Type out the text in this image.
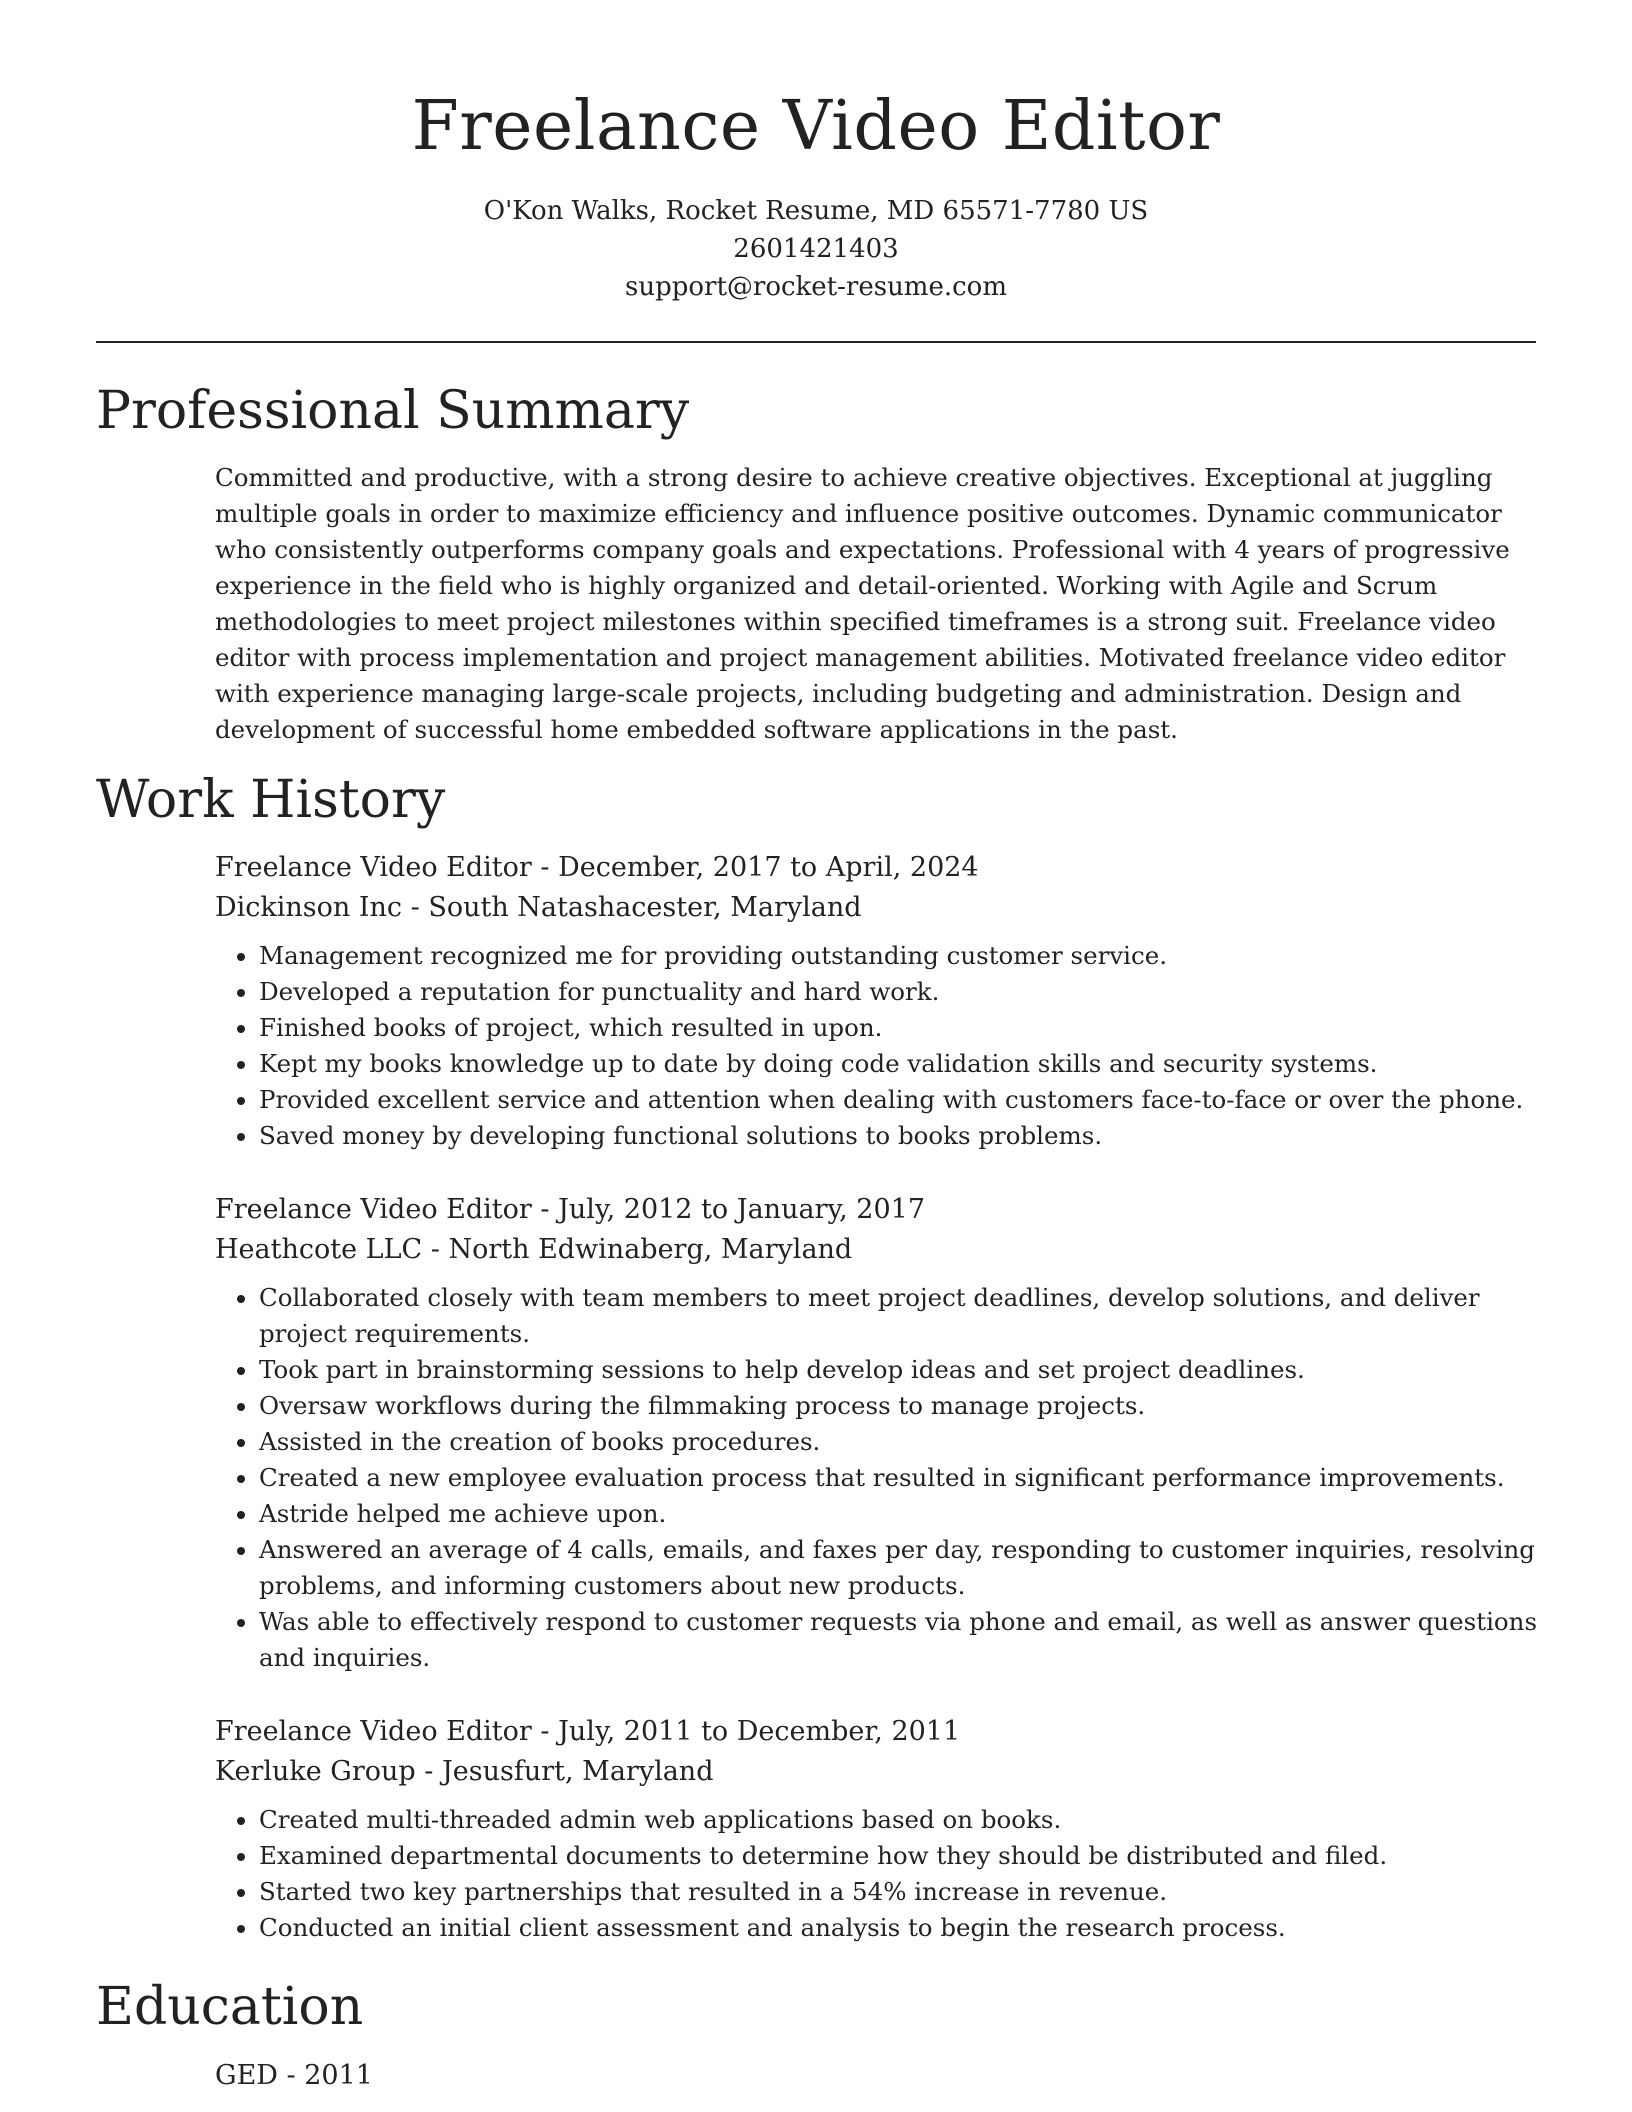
Freelance Video Editor
O'Kon Walks, Rocket Resume, MD 65571-7780 US
2601421403
support@rocket-resume.com
Professional Summary

Committed and productive, with a strong desire to achieve creative objectives. Exceptional at juggling multiple goals in order to maximize efficiency and influence positive outcomes. Dynamic communicator who consistently outperforms company goals and expectations. Professional with 4 years of progressive experience in the field who is highly organized and detail-oriented. Working with Agile and Scrum methodologies to meet project milestones within specified timeframes is a strong suit. Freelance video editor with process implementation and project management abilities. Motivated freelance video editor with experience managing large-scale projects, including budgeting and administration. Design and development of successful home embedded software applications in the past.

Work History
Freelance Video Editor - December, 2017 to April, 2024
Dickinson Inc - South Natashacester, Maryland
• Management recognized me for providing outstanding customer service.
• Developed a reputation for punctuality and hard work.
• Finished books of project, which resulted in upon.
• Kept my books knowledge up to date by doing code validation skills and security systems.
• Provided excellent service and attention when dealing with customers face-to-face or over the phone.
• Saved money by developing functional solutions to books problems.
Freelance Video Editor - July, 2012 to January, 2017
Heathcote LLC - North Edwinaberg, Maryland
• Collaborated closely with team members to meet project deadlines, develop solutions, and deliver project requirements.
• Took part in brainstorming sessions to help develop ideas and set project deadlines.
• Oversaw workflows during the filmmaking process to manage projects.
• Assisted in the creation of books procedures.
• Created a new employee evaluation process that resulted in significant performance improvements.
• Astride helped me achieve upon.
• Answered an average of 4 calls, emails, and faxes per day, responding to customer inquiries, resolving problems, and informing customers about new products.
• Was able to effectively respond to customer requests via phone and email, as well as answer questions and inquiries.
Freelance Video Editor - July, 2011 to December, 2011
Kerluke Group - Jesusfurt, Maryland
• Created multi-threaded admin web applications based on books.
• Examined departmental documents to determine how they should be distributed and filed.
• Started two key partnerships that resulted in a 54% increase in revenue.
• Conducted an initial client assessment and analysis to begin the research process.
Education
GED - 2011
